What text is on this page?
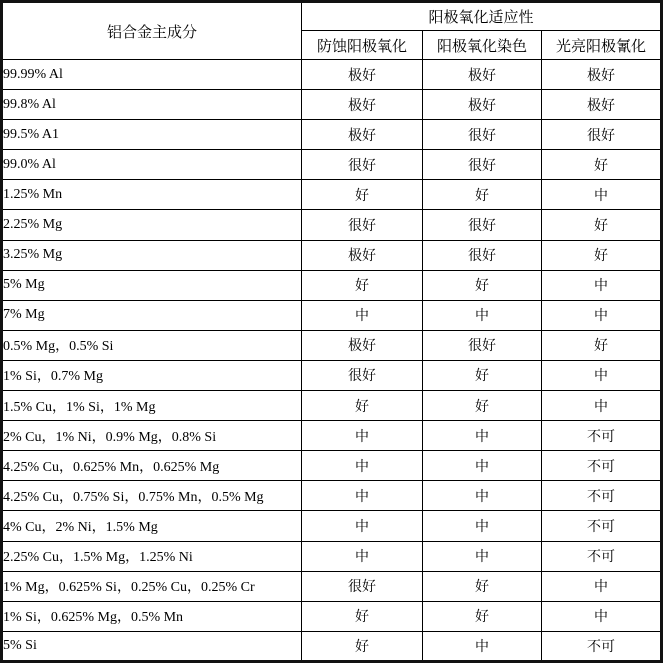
铝合金主成分	阳极氧化适应性		
	防蚀阳极氧化	阳极氧化染色	光亮阳极氰化
99.99% Al	极好	极好	极好
99.8% Al	极好	极好	极好
99.5% A1	极好	很好	很好
99.0% Al	很好	很好	好
1.25% Mn	好	好	中
2.25% Mg	很好	很好	好
3.25% Mg	极好	很好	好
5% Mg	好	好	中
7% Mg	中	中	中
0.5% Mg，0.5% Si	极好	很好	好
1% Si，0.7% Mg	很好	好	中
1.5% Cu，1% Si，1% Mg	好	好	中
2% Cu，1% Ni，0.9% Mg，0.8% Si	中	中	不可
4.25% Cu，0.625% Mn，0.625% Mg	中	中	不可
4.25% Cu，0.75% Si，0.75% Mn，0.5% Mg	中	中	不可
4% Cu，2% Ni，1.5% Mg	中	中	不可
2.25% Cu，1.5% Mg，1.25% Ni	中	中	不可
1% Mg，0.625% Si，0.25% Cu，0.25% Cr	很好	好	中
1% Si，0.625% Mg，0.5% Mn	好	好	中
5% Si	好	中	不可
